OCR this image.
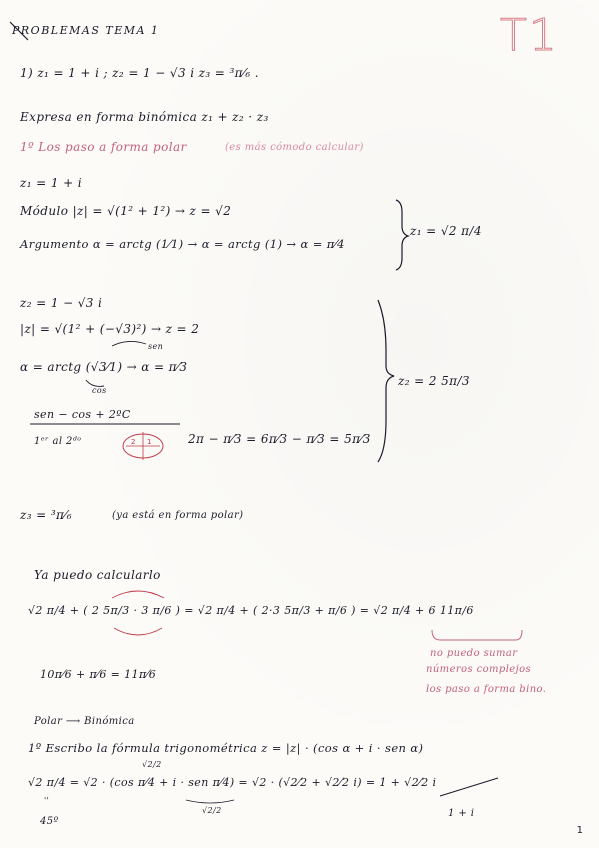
PROBLEMAS TEMA 1	T1
1) z₁ = 1 + i ; z₂ = 1 − √3 i z₃ = ³π⁄₆ .
Expresa en forma binómica z₁ + z₂ · z₃
1º Los paso a forma polar	(es más cómodo calcular)
z₁ = 1 + i
Módulo |z| = √(1² + 1²) → z = √2
Argumento α = arctg (1⁄1) → α = arctg (1) → α = π⁄4
z₁ = √2 π/4
z₂ = 1 − √3 i
|z| = √(1² + (−√3)²) → z = 2
sen
α = arctg (√3⁄1) → α = π⁄3
cos
sen − cos + 2ºC
1ᵉʳ al 2ᵈᵒ	2 1	2π − π⁄3 = 6π⁄3 − π⁄3 = 5π⁄3
z₂ = 2 5π/3
z₃ = ³π⁄₆	(ya está en forma polar)
Ya puedo calcularlo
√2 π/4 + ( 2 5π/3 · 3 π/6 ) = √2 π/4 + ( 2·3 5π/3 + π/6 ) = √2 π/4 + 6 11π/6
10π⁄6 + π⁄6 = 11π⁄6
no puedo sumar
números complejos
los paso a forma bino.
Polar ⟶ Binómica
1º Escribo la fórmula trigonométrica z = |z| · (cos α + i · sen α)
√2/2
√2 π/4 = √2 · (cos π⁄4 + i · sen π⁄4) = √2 · (√2⁄2 + √2⁄2 i) = 1 + √2⁄2 i
√2/2
''
45º
1 + i
1
